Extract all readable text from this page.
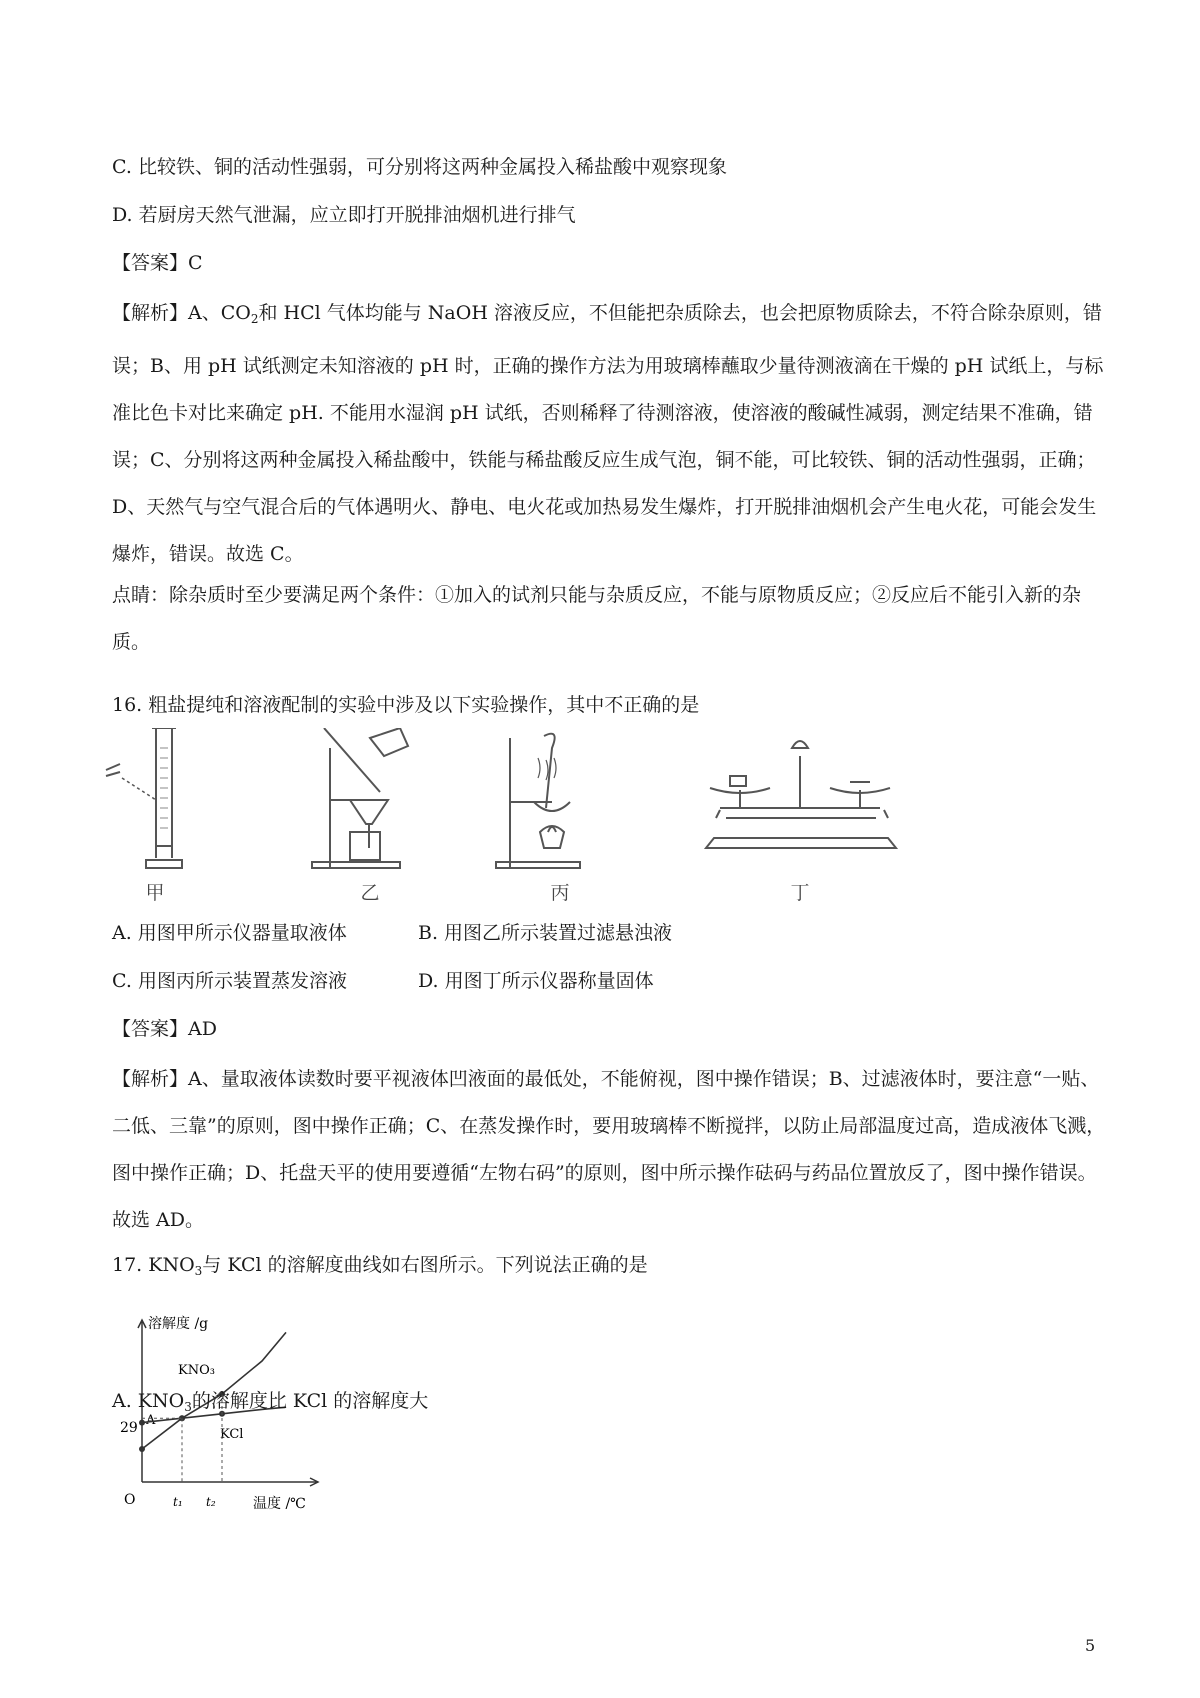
C. 比较铁、铜的活动性强弱，可分别将这两种金属投入稀盐酸中观察现象
D. 若厨房天然气泄漏，应立即打开脱排油烟机进行排气
【答案】C
【解析】A、$CO_2$和 HCl 气体均能与 NaOH 溶液反应，不但能把杂质除去，也会把原物质除去，不符合除杂原则，错误；B、用 pH 试纸测定未知溶液的 pH 时，正确的操作方法为用玻璃棒蘸取少量待测液滴在干燥的 pH 试纸上，与标准比色卡对比来确定 pH. 不能用水湿润 pH 试纸，否则稀释了待测溶液，使溶液的酸碱性减弱，测定结果不准确，错误；C、分别将这两种金属投入稀盐酸中，铁能与稀盐酸反应生成气泡，铜不能，可比较铁、铜的活动性强弱，正确；D、天然气与空气混合后的气体遇明火、静电、电火花或加热易发生爆炸，打开脱排油烟机会产生电火花，可能会发生爆炸，错误。故选 C。
点睛：除杂质时至少要满足两个条件：①加入的试剂只能与杂质反应，不能与原物质反应；②反应后不能引入新的杂质。
16. 粗盐提纯和溶液配制的实验中涉及以下实验操作，其中不正确的是
甲	乙	丙	丁
A. 用图甲所示仪器量取液体	B. 用图乙所示装置过滤悬浊液
C. 用图丙所示装置蒸发溶液	D. 用图丁所示仪器称量固体
【答案】AD
【解析】A、量取液体读数时要平视液体凹液面的最低处，不能俯视，图中操作错误；B、过滤液体时，要注意“一贴、二低、三靠”的原则，图中操作正确；C、在蒸发操作时，要用玻璃棒不断搅拌，以防止局部温度过高，造成液体飞溅，图中操作正确；D、托盘天平的使用要遵循“左物右码”的原则，图中所示操作砝码与药品位置放反了，图中操作错误。故选 AD。
17. $KNO_3$与 KCl 的溶解度曲线如右图所示。下列说法正确的是
溶解度 /g
温度 /℃
O
29 A
t₁ t₂
KNO₃
KCl
A. $KNO_3$的溶解度比 KCl 的溶解度大
5
